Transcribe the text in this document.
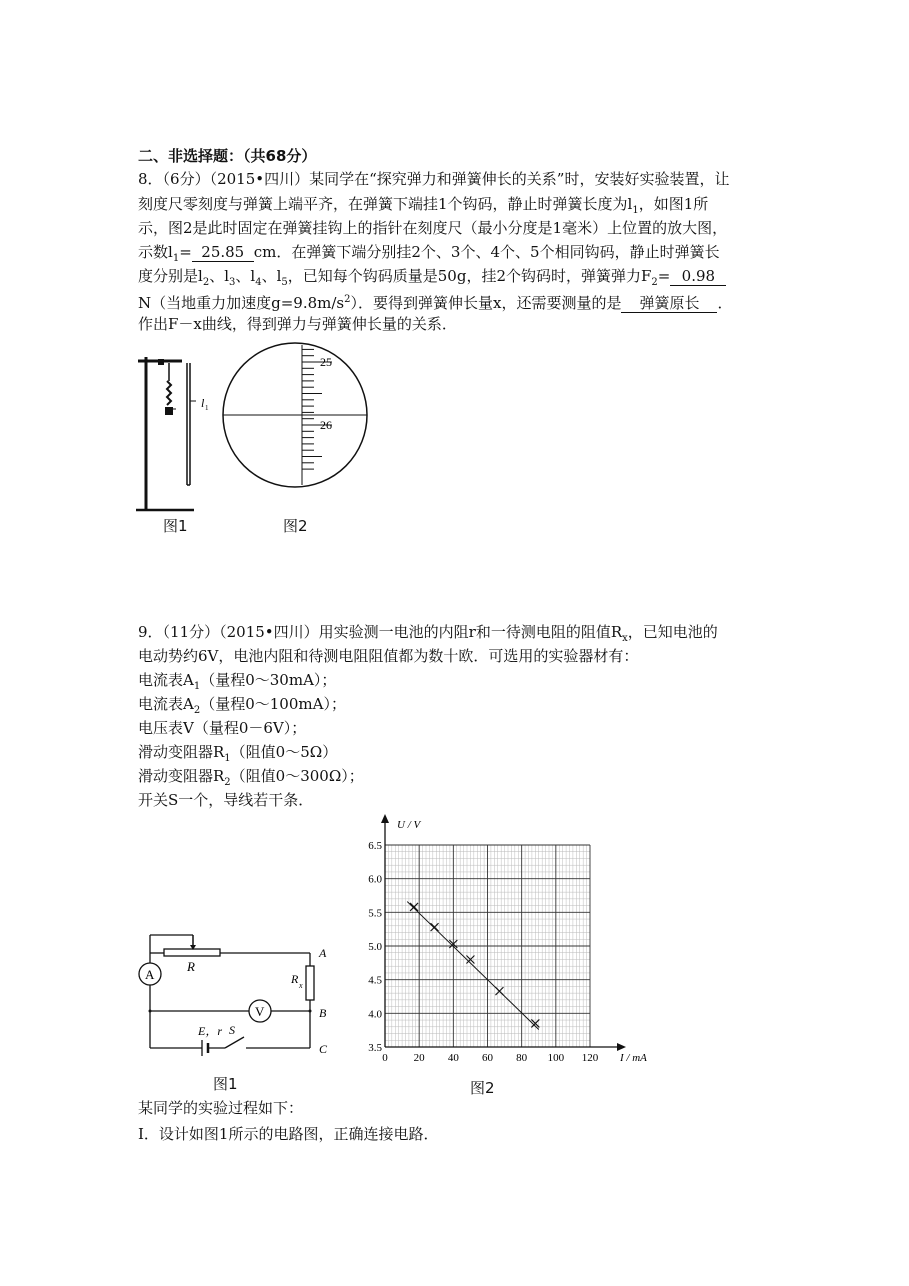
二、非选择题：（共68分）
8．（6分）（2015•四川）某同学在“探究弹力和弹簧伸长的关系”时，安装好实验装置，让
刻度尺零刻度与弹簧上端平齐，在弹簧下端挂1个钩码，静止时弹簧长度为$l_1$，如图1所
示，图2是此时固定在弹簧挂钩上的指针在刻度尺（最小分度是1毫米）上位置的放大图，
示数$l_1= 25.85$ cm．在弹簧下端分别挂2个、3个、4个、5个相同钩码，静止时弹簧长
度分别是$l_2$、$l_3$、$l_4$、$l_5$，已知每个钩码质量是50g，挂2个钩码时，弹簧弹力$F_2= 0.98$
N（当地重力加速度$g=9.8m/s^2$）．要得到弹簧伸长量x，还需要测量的是 弹簧原长 ．
作出F－x曲线，得到弹力与弹簧伸长量的关系．
l 1
25
26
图1	图2
9．（11分）（2015•四川）用实验测一电池的内阻r和一待测电阻的阻值$R_x$，已知电池的
电动势约6V，电池内阻和待测电阻阻值都为数十欧．可选用的实验器材有：
电流表$A_1$（量程0～30mA）；
电流表$A_2$（量程0～100mA）；
电压表V（量程0－6V）；
滑动变阻器$R_1$（阻值0～5Ω）
滑动变阻器$R_2$（阻值0～300Ω）；
开关S一个，导线若干条．
A
V
R
R x
A
B
C
E，r S
0 20 40 60 80 100 120
3.5
4.0
4.5
5.0
5.5
6.0
6.5
U / V
I / mA
图1	图2
某同学的实验过程如下：
I．设计如图1所示的电路图，正确连接电路．
